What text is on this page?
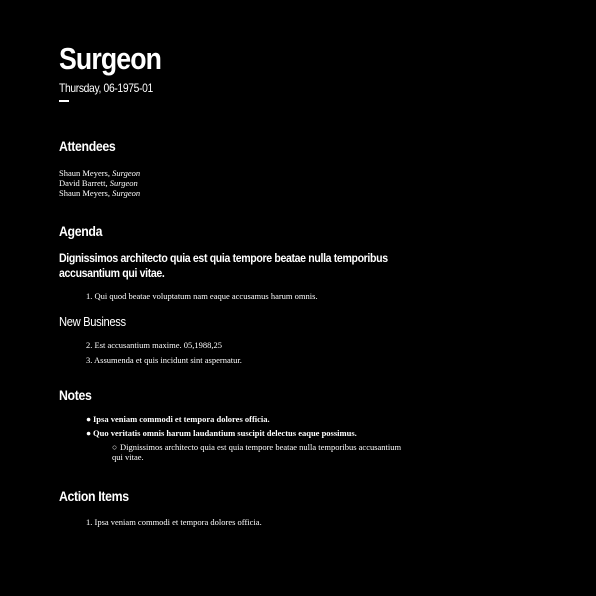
Surgeon
Thursday, 06-1975-01
Attendees
Shaun Meyers, Surgeon
David Barrett, Surgeon
Shaun Meyers, Surgeon
Agenda
Dignissimos architecto quia est quia tempore beatae nulla temporibus
accusantium qui vitae.
1. Qui quod beatae voluptatum nam eaque accusamus harum omnis.
New Business
2. Est accusantium maxime. 05,1988,25
3. Assumenda et quis incidunt sint aspernatur.
Notes
● Ipsa veniam commodi et tempora dolores officia.
● Quo veritatis omnis harum laudantium suscipit delectus eaque possimus.
○ Dignissimos architecto quia est quia tempore beatae nulla temporibus accusantium qui vitae.
Action Items
1. Ipsa veniam commodi et tempora dolores officia.
